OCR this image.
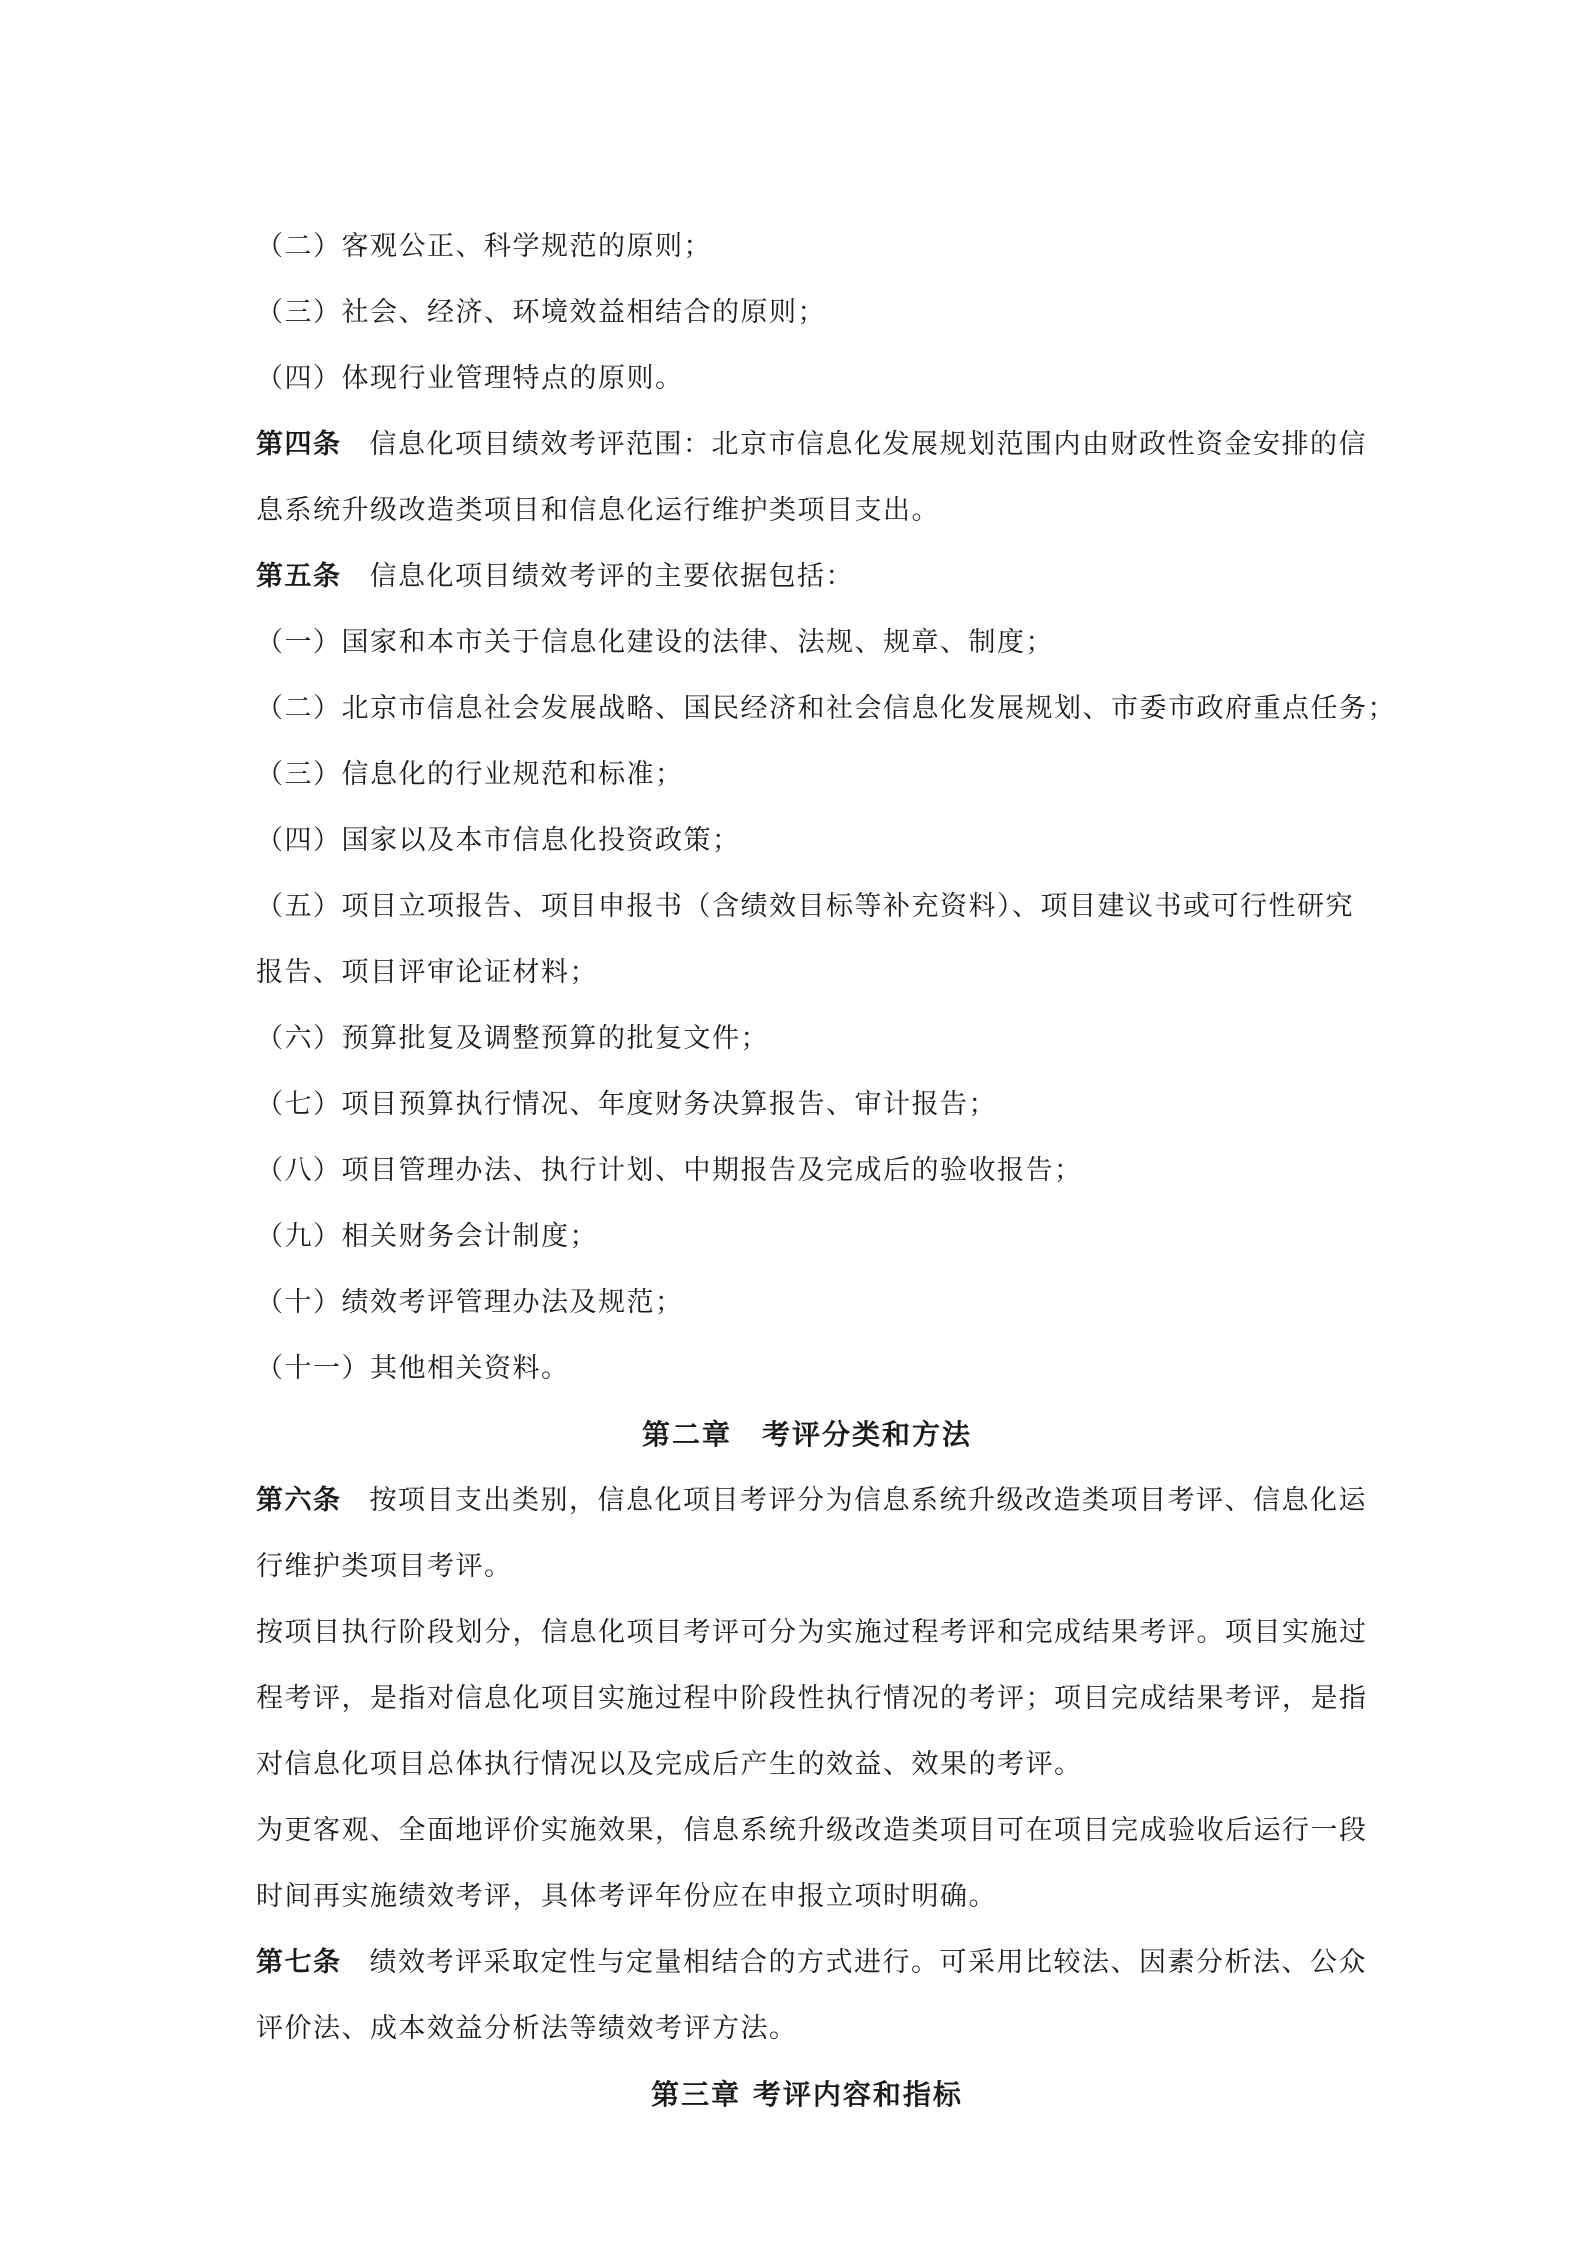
（二）客观公正、科学规范的原则；
（三）社会、经济、环境效益相结合的原则；
（四）体现行业管理特点的原则。
第四条 信息化项目绩效考评范围：北京市信息化发展规划范围内由财政性资金安排的信
息系统升级改造类项目和信息化运行维护类项目支出。
第五条 信息化项目绩效考评的主要依据包括：
（一）国家和本市关于信息化建设的法律、法规、规章、制度；
（二）北京市信息社会发展战略、国民经济和社会信息化发展规划、市委市政府重点任务；
（三）信息化的行业规范和标准；
（四）国家以及本市信息化投资政策；
（五）项目立项报告、项目申报书（含绩效目标等补充资料）、项目建议书或可行性研究
报告、项目评审论证材料；
（六）预算批复及调整预算的批复文件；
（七）项目预算执行情况、年度财务决算报告、审计报告；
（八）项目管理办法、执行计划、中期报告及完成后的验收报告；
（九）相关财务会计制度；
（十）绩效考评管理办法及规范；
（十一）其他相关资料。
第二章　考评分类和方法
第六条 按项目支出类别，信息化项目考评分为信息系统升级改造类项目考评、信息化运
行维护类项目考评。
按项目执行阶段划分，信息化项目考评可分为实施过程考评和完成结果考评。项目实施过
程考评，是指对信息化项目实施过程中阶段性执行情况的考评；项目完成结果考评，是指
对信息化项目总体执行情况以及完成后产生的效益、效果的考评。
为更客观、全面地评价实施效果，信息系统升级改造类项目可在项目完成验收后运行一段
时间再实施绩效考评，具体考评年份应在申报立项时明确。
第七条 绩效考评采取定性与定量相结合的方式进行。可采用比较法、因素分析法、公众
评价法、成本效益分析法等绩效考评方法。
第三章 考评内容和指标
